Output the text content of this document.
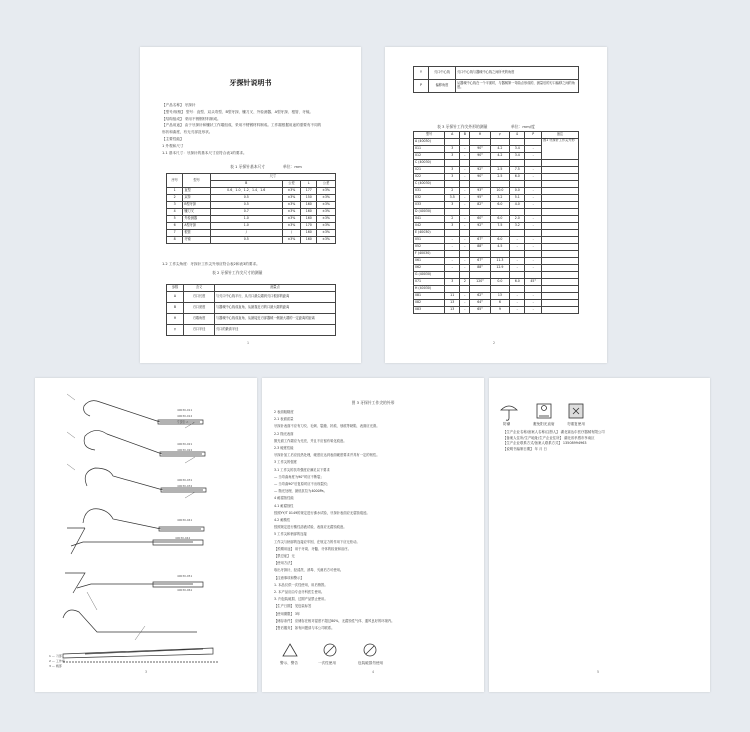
牙探针说明书
【产品名称】 牙探针
【型号/规格】 型号：直型、双头弯型、B型牙探、镰刀叉、外检测器、A型牙探、根管、牙镜。
【结构组成】 采用不锈钢材料制成。
【产品用途】 由于牙探针和镰状工作端组成，采用不锈钢材料制成。工作端根据用途的需要有不同的
形状和曲度，有无刃部及形状。
【主要性能】
1 外观和尺寸
1.1 基本尺寸：牙探针的基本尺寸应符合表1的要求。
表 1 牙探针基本尺寸	单位：mm
序号	型号	尺寸			
		B	公差	L	公差
1	直型	0.6、1.0、1.2、1.4、1.6	±3%	177	±3%
2	双持	0.5	±3%	150	±3%
3	B型牙探	0.5	±3%	160	±3%
4	镰刀叉	0.7	±3%	160	±3%
5	外检测器	1.0	±3%	160	±3%
6	A型牙探	1.0	±3%	170	±3%
7	根管	/	/	160	±3%
8	牙镜	0.5	±3%	160	±3%
1.2 工作尖角度：牙探针工作尖外形应符合表2和表3的要求。
表 2 牙探针工作尖尺寸的测量
参数	含义	测量点
A	刃口长度	与刃口中心线平行，从刃口最尖端到刃口根部的距离
B	刃口宽度	与器械中心线成直角，从最靠近刃的口最大端的距离
θ	刃端角度	与器械中心线成直角，从最接近刃部器械一侧最大端的一定距离的距离
γ	刃口半径	刃口的最高半径
1
Y	刃口中心线	刃口中心线与器械中心线之间所夹的角度
P	偏移角度	从器械中心线在一个平面时，与器械第一弯曲点形成的，测量后的刃口偏移之间的角度。
表 3 牙探针工作尖外形的测量	单位：mm/度
型号	A	B	θ	γ	δ	P	备注
A (40030)							图1 牙探针工作尖外形
011	3	-	90°	4.2	3.4	-	
012	3	-	90°	4.2	3.4	-	
C (40030)							
021	3	-	92°	2.5	7.5	-	
022	3	-	90°	2.5	6.0	-	
C (40030)							
031	2	-	93°	10.0	0.0	-	
032	3.5	-	95°	3.2	5.1	-	
033	3	-	82°	6.0	4.0	-	
D (40030)							
041	2	-	60°	6.0	2.0	-	
042	3	-	92°	7.5	3.2	-	
E (40030)							
051	-	-	67°	6.0	-	-	
052	-	-	88°	4.5	-	-	
F (40030)							
061	-	-	67°	11.3	-	-	
062	-	-	88°	12.9	-	-	
G (40030)							
071	3	2	120°	0.0	6.0	45°	
H (40030)							
081	11	-	62°	13	-	-	
082	13	-	64°	6	-	-	
083	13	-	65°	9	-	-	
2
40030-011
40030-012
牙探针 A
40030-021
40030-022
40030-031
40030-032
40030-041
40030-042
40030-051
40030-061
1 — 刃部
2 — 工作端
3 — 柄部
3
图 3 牙探针工作尖的外形
2 表面粗糙度
2.1 表面质量
牙探针表面不应有刀纹、毛刺、裂缝、折痕、划痕等缺陷，表面应光滑。
2.2 抛光表面
抛光面工作端应为光亮，并且不应留有氧化痕迹。
2.3 硬度性能
牙探针加工后应经热处理，硬度应达到表面硬度要求并具有一定的韧性。
3 工作尖的强度
3.1 工作尖的抗弯强度应满足以下要求
— 当弯曲角度为90°时应不断裂；
— 当弯曲90°后复原时应不出现裂纹；
— 抛光处理，最低抗拉为4000Pa。
4 耐腐蚀性能
4.1 耐腐蚀性
按照YY/T 0149的规定进行沸水试验，牙探针表面应无腐蚀痕迹。
4.2 耐酸性
按照规定进行酸性溶液试验，表面应无腐蚀痕迹。
5 工作尖和柄部的连接
工作尖与柄部的连接应牢固，在规定力的作用下应无松动。
【预期用途】 用于牙周、牙髓、牙体的检查和治疗。
【禁忌症】 无
【使用方法】
取出牙探针，经清洗、消毒、灭菌后方可使用。
【注意事项和警示】
1. 本品仅供一次性使用，用后销毁。
2. 本产品应由专业牙科医生使用。
3. 内包装破损、过期产品禁止使用。
【生产日期】 见包装标签
【使用期限】 3年
【储存条件】 应储存在相对湿度不超过80%，无腐蚀性气体、通风良好的环境内。
【售后服务】 如有问题请与本公司联系。
警示、警告	一次性使用	包装破损勿使用
4
防潮	避免阳光直射	勿重复使用
【生产企业名称/备案人名称/注册人】 湖北赛达尔医疗器械有限公司
【备案人住所/生产地址/生产企业住所】 湖北省孝感市孝南区
【生产企业联系方式/备案人联系方式】 13508994963
【说明书编制日期】 年 月 日
5
